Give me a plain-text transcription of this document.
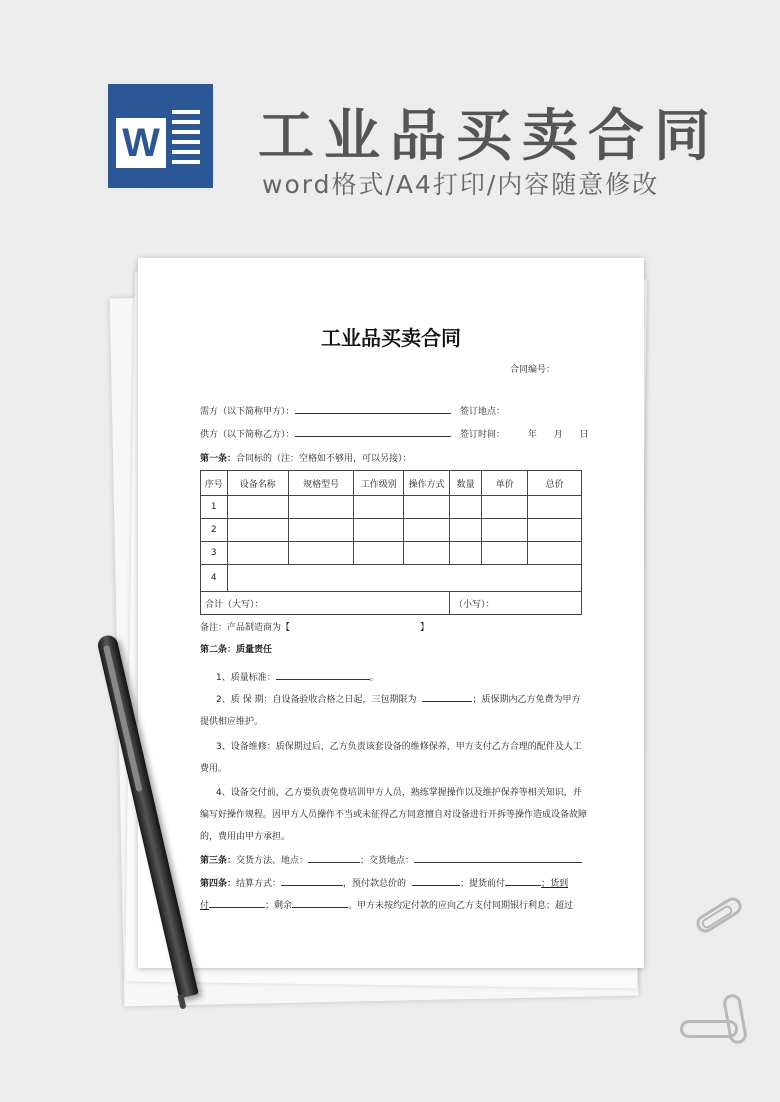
W 工业品买卖合同
word格式/A4打印/内容随意修改
工业品买卖合同
合同编号：
需方（以下简称甲方）：	签订地点：
供方（以下简称乙方）：	签订时间：	年 月 日
第一条：合同标的（注：空格如不够用，可以另接）：
序号	设备名称	规格型号	工作级别	操作方式	数量	单价	总价
1							
2							
3							
4							
合计（大写）：					（小写）：		
备注：产品制造商为【	】
第二条：质量责任
1、质量标准：	。
2、质 保 期：自设备验收合格之日起，三包期限为	；质保期内乙方免费为甲方
提供相应维护。
3、设备维修：质保期过后，乙方负责该套设备的维修保养，甲方支付乙方合理的配件及人工
费用。
4、设备交付前，乙方要负责免费培训甲方人员，熟练掌握操作以及维护保养等相关知识，并
编写好操作规程。因甲方人员操作不当或未征得乙方同意擅自对设备进行开拆等操作造成设备故障
的，费用由甲方承担。
第三条：交货方法、地点：	；交货地点：
第四条：结算方式：	，预付款总价的	；提货前付	；货到
付	；剩余	。甲方未按约定付款的应向乙方支付同期银行利息；超过
